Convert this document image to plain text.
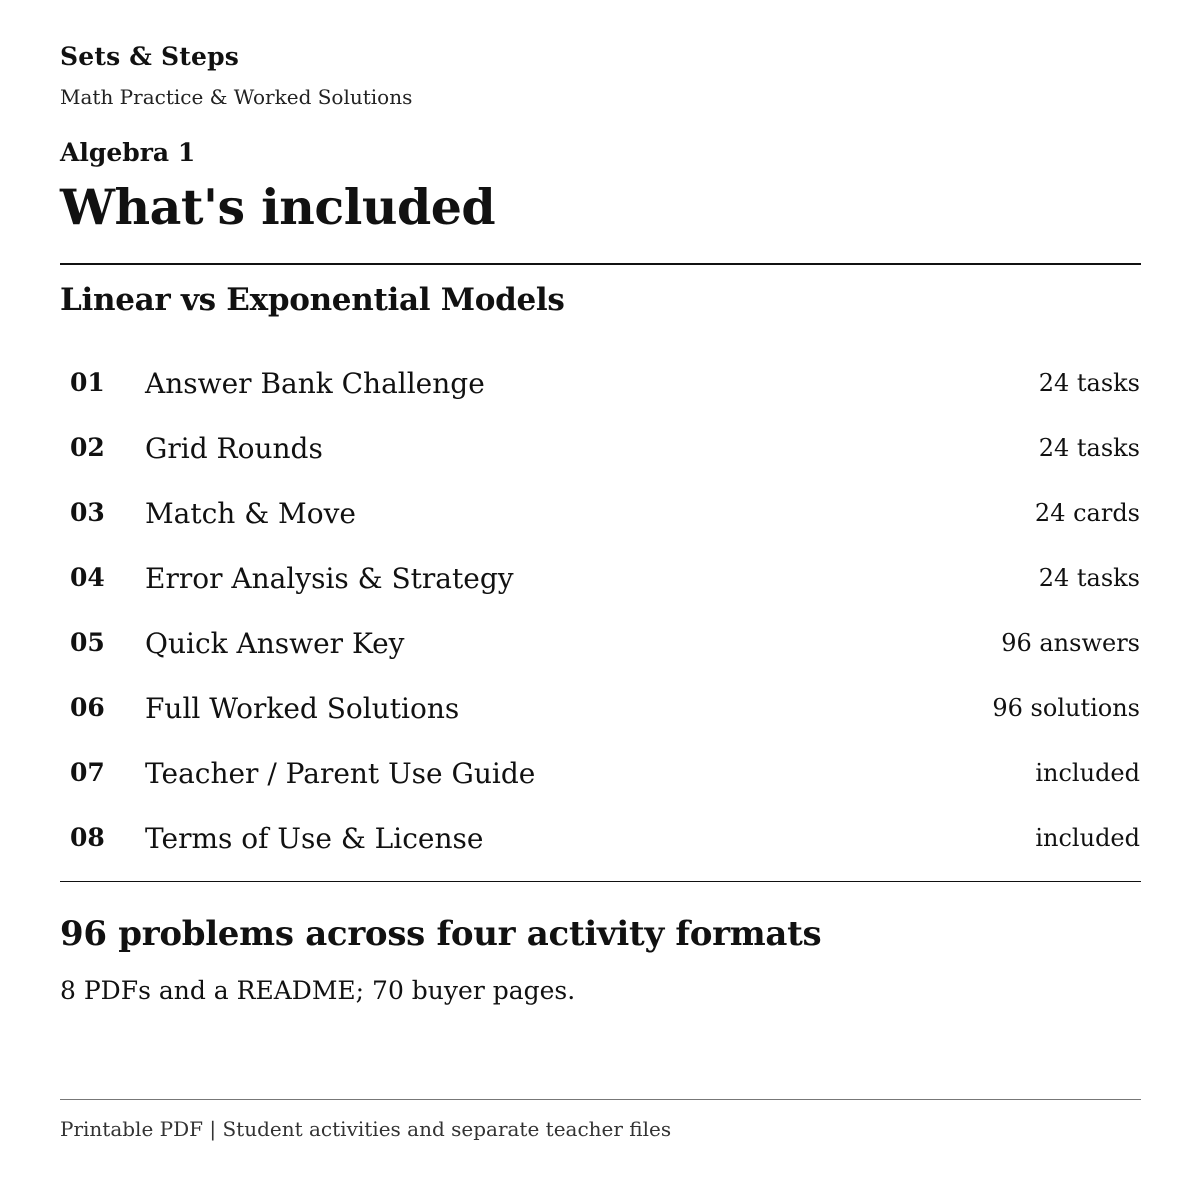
Sets & Steps
Math Practice & Worked Solutions
Algebra 1
What's included
Linear vs Exponential Models
01 Answer Bank Challenge	24 tasks
02 Grid Rounds	24 tasks
03 Match & Move	24 cards
04 Error Analysis & Strategy	24 tasks
05 Quick Answer Key	96 answers
06 Full Worked Solutions	96 solutions
07 Teacher / Parent Use Guide	included
08 Terms of Use & License	included
96 problems across four activity formats
8 PDFs and a README; 70 buyer pages.
Printable PDF | Student activities and separate teacher files
